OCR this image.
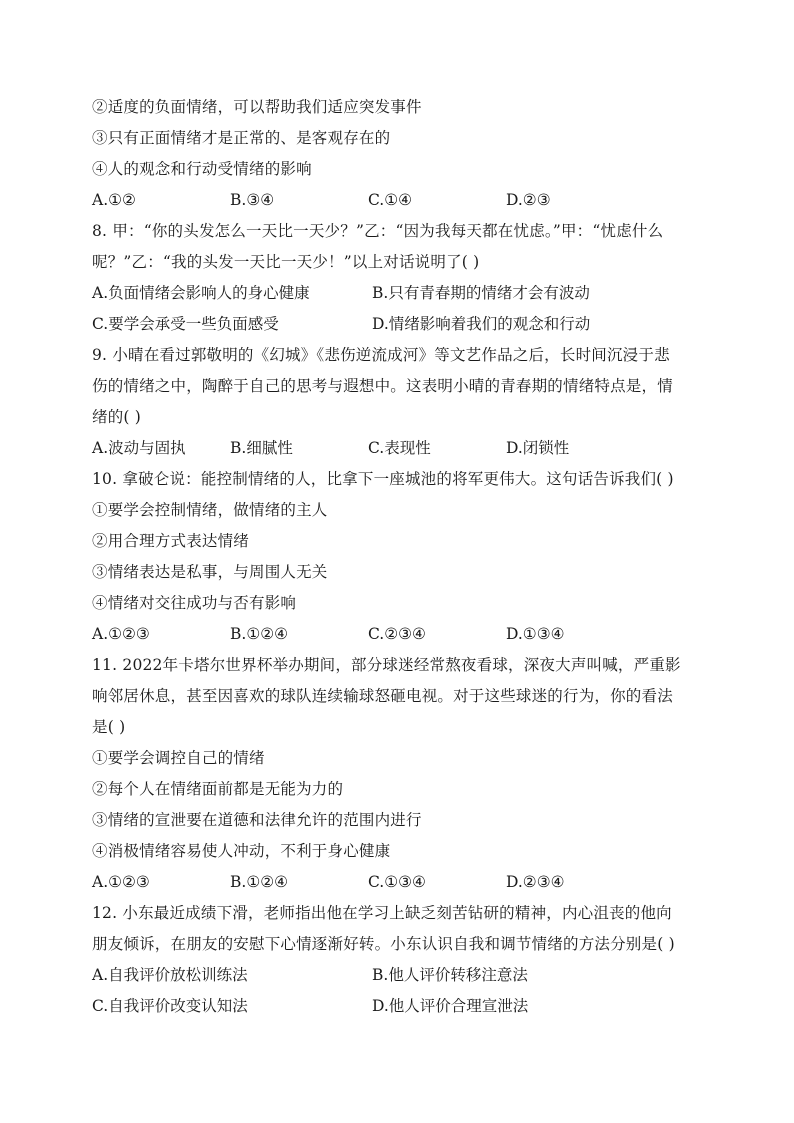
②适度的负面情绪，可以帮助我们适应突发事件
③只有正面情绪才是正常的、是客观存在的
④人的观念和行动受情绪的影响
A.①②	B.③④	C.①④	D.②③
8. 甲：“你的头发怎么一天比一天少？”乙：“因为我每天都在忧虑。”甲：“忧虑什么
呢？”乙：“我的头发一天比一天少！”以上对话说明了( )
A.负面情绪会影响人的身心健康	B.只有青春期的情绪才会有波动
C.要学会承受一些负面感受	D.情绪影响着我们的观念和行动
9. 小晴在看过郭敬明的《幻城》《悲伤逆流成河》等文艺作品之后，长时间沉浸于悲
伤的情绪之中，陶醉于自己的思考与遐想中。这表明小晴的青春期的情绪特点是，情
绪的( )
A.波动与固执	B.细腻性	C.表现性	D.闭锁性
10. 拿破仑说：能控制情绪的人，比拿下一座城池的将军更伟大。这句话告诉我们( )
①要学会控制情绪，做情绪的主人
②用合理方式表达情绪
③情绪表达是私事，与周围人无关
④情绪对交往成功与否有影响
A.①②③	B.①②④	C.②③④	D.①③④
11. 2022年卡塔尔世界杯举办期间，部分球迷经常熬夜看球，深夜大声叫喊，严重影
响邻居休息，甚至因喜欢的球队连续输球怒砸电视。对于这些球迷的行为，你的看法
是( )
①要学会调控自己的情绪
②每个人在情绪面前都是无能为力的
③情绪的宣泄要在道德和法律允许的范围内进行
④消极情绪容易使人冲动，不利于身心健康
A.①②③	B.①②④	C.①③④	D.②③④
12. 小东最近成绩下滑，老师指出他在学习上缺乏刻苦钻研的精神，内心沮丧的他向
朋友倾诉，在朋友的安慰下心情逐渐好转。小东认识自我和调节情绪的方法分别是( )
A.自我评价放松训练法	B.他人评价转移注意法
C.自我评价改变认知法	D.他人评价合理宣泄法
